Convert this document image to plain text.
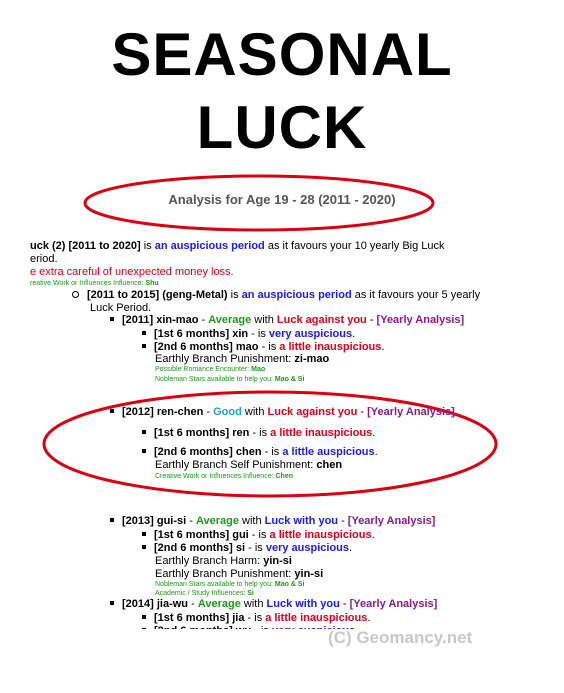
SEASONAL
LUCK
Analysis for Age 19 - 28 (2011 - 2020)
uck (2) [2011 to 2020] is an auspicious period as it favours your 10 yearly Big Luck
eriod.
e extra careful of unexpected money loss.
reative Work or Influences Influence: Shu
[2011 to 2015] (geng-Metal) is an auspicious period as it favours your 5 yearly
Luck Period.
[2011] xin-mao - Average with Luck against you - [Yearly Analysis]
[1st 6 months] xin - is very auspicious.
[2nd 6 months] mao - is a little inauspicious.
Earthly Branch Punishment: zi-mao
Possible Romance Encounter: Mao
Nobleman Stars available to help you: Mao & Si
[2012] ren-chen - Good with Luck against you - [Yearly Analysis]
[1st 6 months] ren - is a little inauspicious.
[2nd 6 months] chen - is a little auspicious.
Earthly Branch Self Punishment: chen
Creative Work or Influences Influence: Chen
[2013] gui-si - Average with Luck with you - [Yearly Analysis]
[1st 6 months] gui - is a little inauspicious.
[2nd 6 months] si - is very auspicious.
Earthly Branch Harm: yin-si
Earthly Branch Punishment: yin-si
Nobleman Stars available to help you: Mao & Si
Academic / Study Influences: Si
[2014] jia-wu - Average with Luck with you - [Yearly Analysis]
[1st 6 months] jia - is a little inauspicious.
(C) Geomancy.net
